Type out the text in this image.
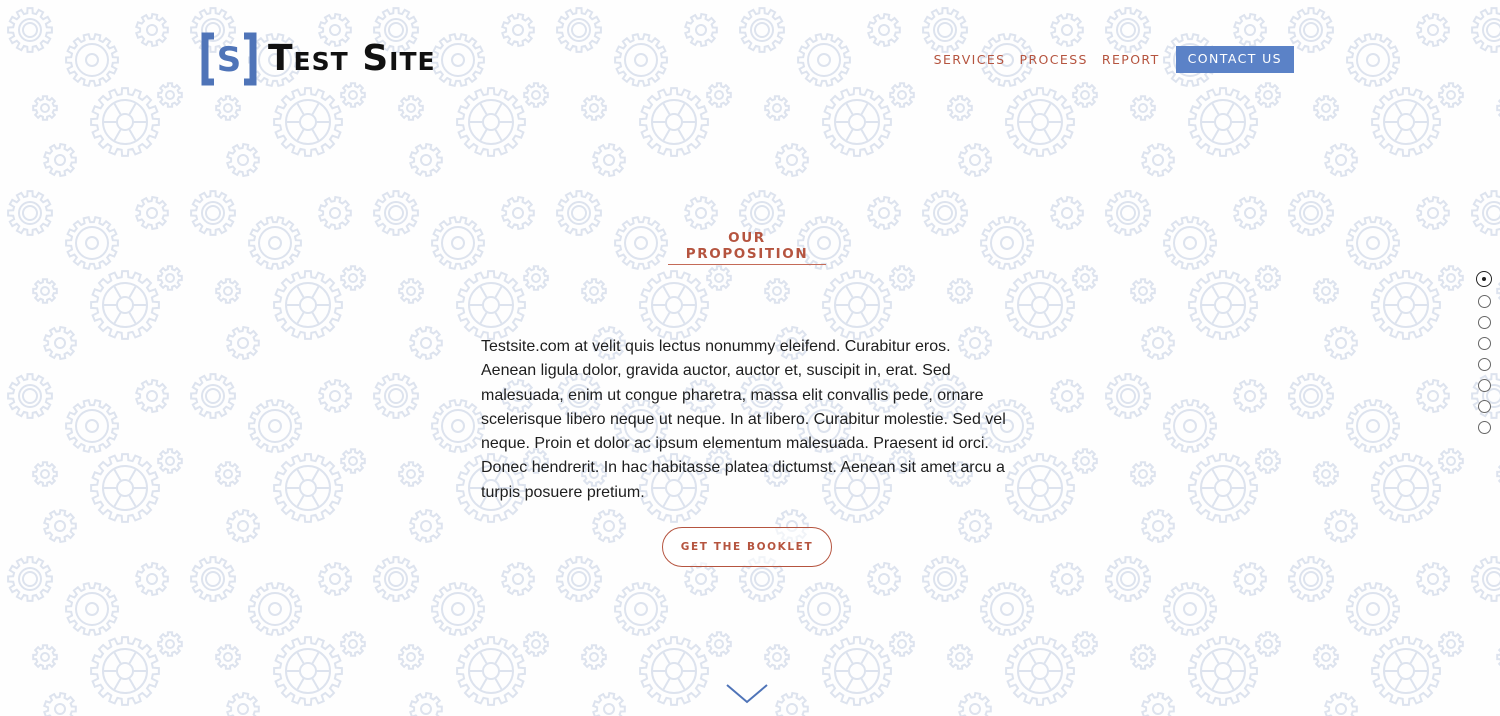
S Test Site	SERVICES PROCESS REPORT	CONTACT US
OUR PROPOSITION

Testsite.com at velit quis lectus nonummy eleifend. Curabitur eros. Aenean ligula dolor, gravida auctor, auctor et, suscipit in, erat. Sed malesuada, enim ut congue pharetra, massa elit convallis pede, ornare scelerisque libero neque ut neque. In at libero. Curabitur molestie. Sed vel neque. Proin et dolor ac ipsum elementum malesuada. Praesent id orci. Donec hendrerit. In hac habitasse platea dictumst. Aenean sit amet arcu a turpis posuere pretium.

GET THE BOOKLET
